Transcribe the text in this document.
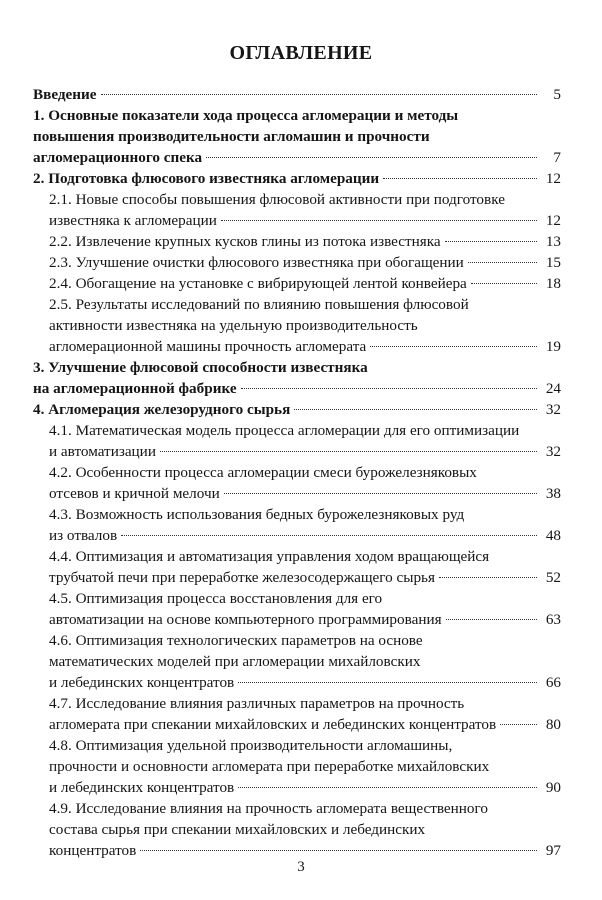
ОГЛАВЛЕНИЕ
Введение	5
1. Основные показатели хода процесса агломерации и методы
повышения производительности агломашин и прочности
агломерационного спека	7
2. Подготовка флюсового известняка агломерации	12
2.1. Новые способы повышения флюсовой активности при подготовке
известняка к агломерации	12
2.2. Извлечение крупных кусков глины из потока известняка	13
2.3. Улучшение очистки флюсового известняка при обогащении	15
2.4. Обогащение на установке с вибрирующей лентой конвейера	18
2.5. Результаты исследований по влиянию повышения флюсовой
активности известняка на удельную производительность
агломерационной машины прочность агломерата	19
3. Улучшение флюсовой способности известняка
на агломерационной фабрике	24
4. Агломерация железорудного сырья	32
4.1. Математическая модель процесса агломерации для его оптимизации
и автоматизации	32
4.2. Особенности процесса агломерации смеси бурожелезняковых
отсевов и кричной мелочи	38
4.3. Возможность использования бедных бурожелезняковых руд
из отвалов	48
4.4. Оптимизация и автоматизация управления ходом вращающейся
трубчатой печи при переработке железосодержащего сырья	52
4.5. Оптимизация процесса восстановления для его
автоматизации на основе компьютерного программирования	63
4.6. Оптимизация технологических параметров на основе
математических моделей при агломерации михайловских
и лебединских концентратов	66
4.7. Исследование влияния различных параметров на прочность
агломерата при спекании михайловских и лебединских концентратов	80
4.8. Оптимизация удельной производительности агломашины,
прочности и основности агломерата при переработке михайловских
и лебединских концентратов	90
4.9. Исследование влияния на прочность агломерата вещественного
состава сырья при спекании михайловских и лебединских
концентратов	97
3
